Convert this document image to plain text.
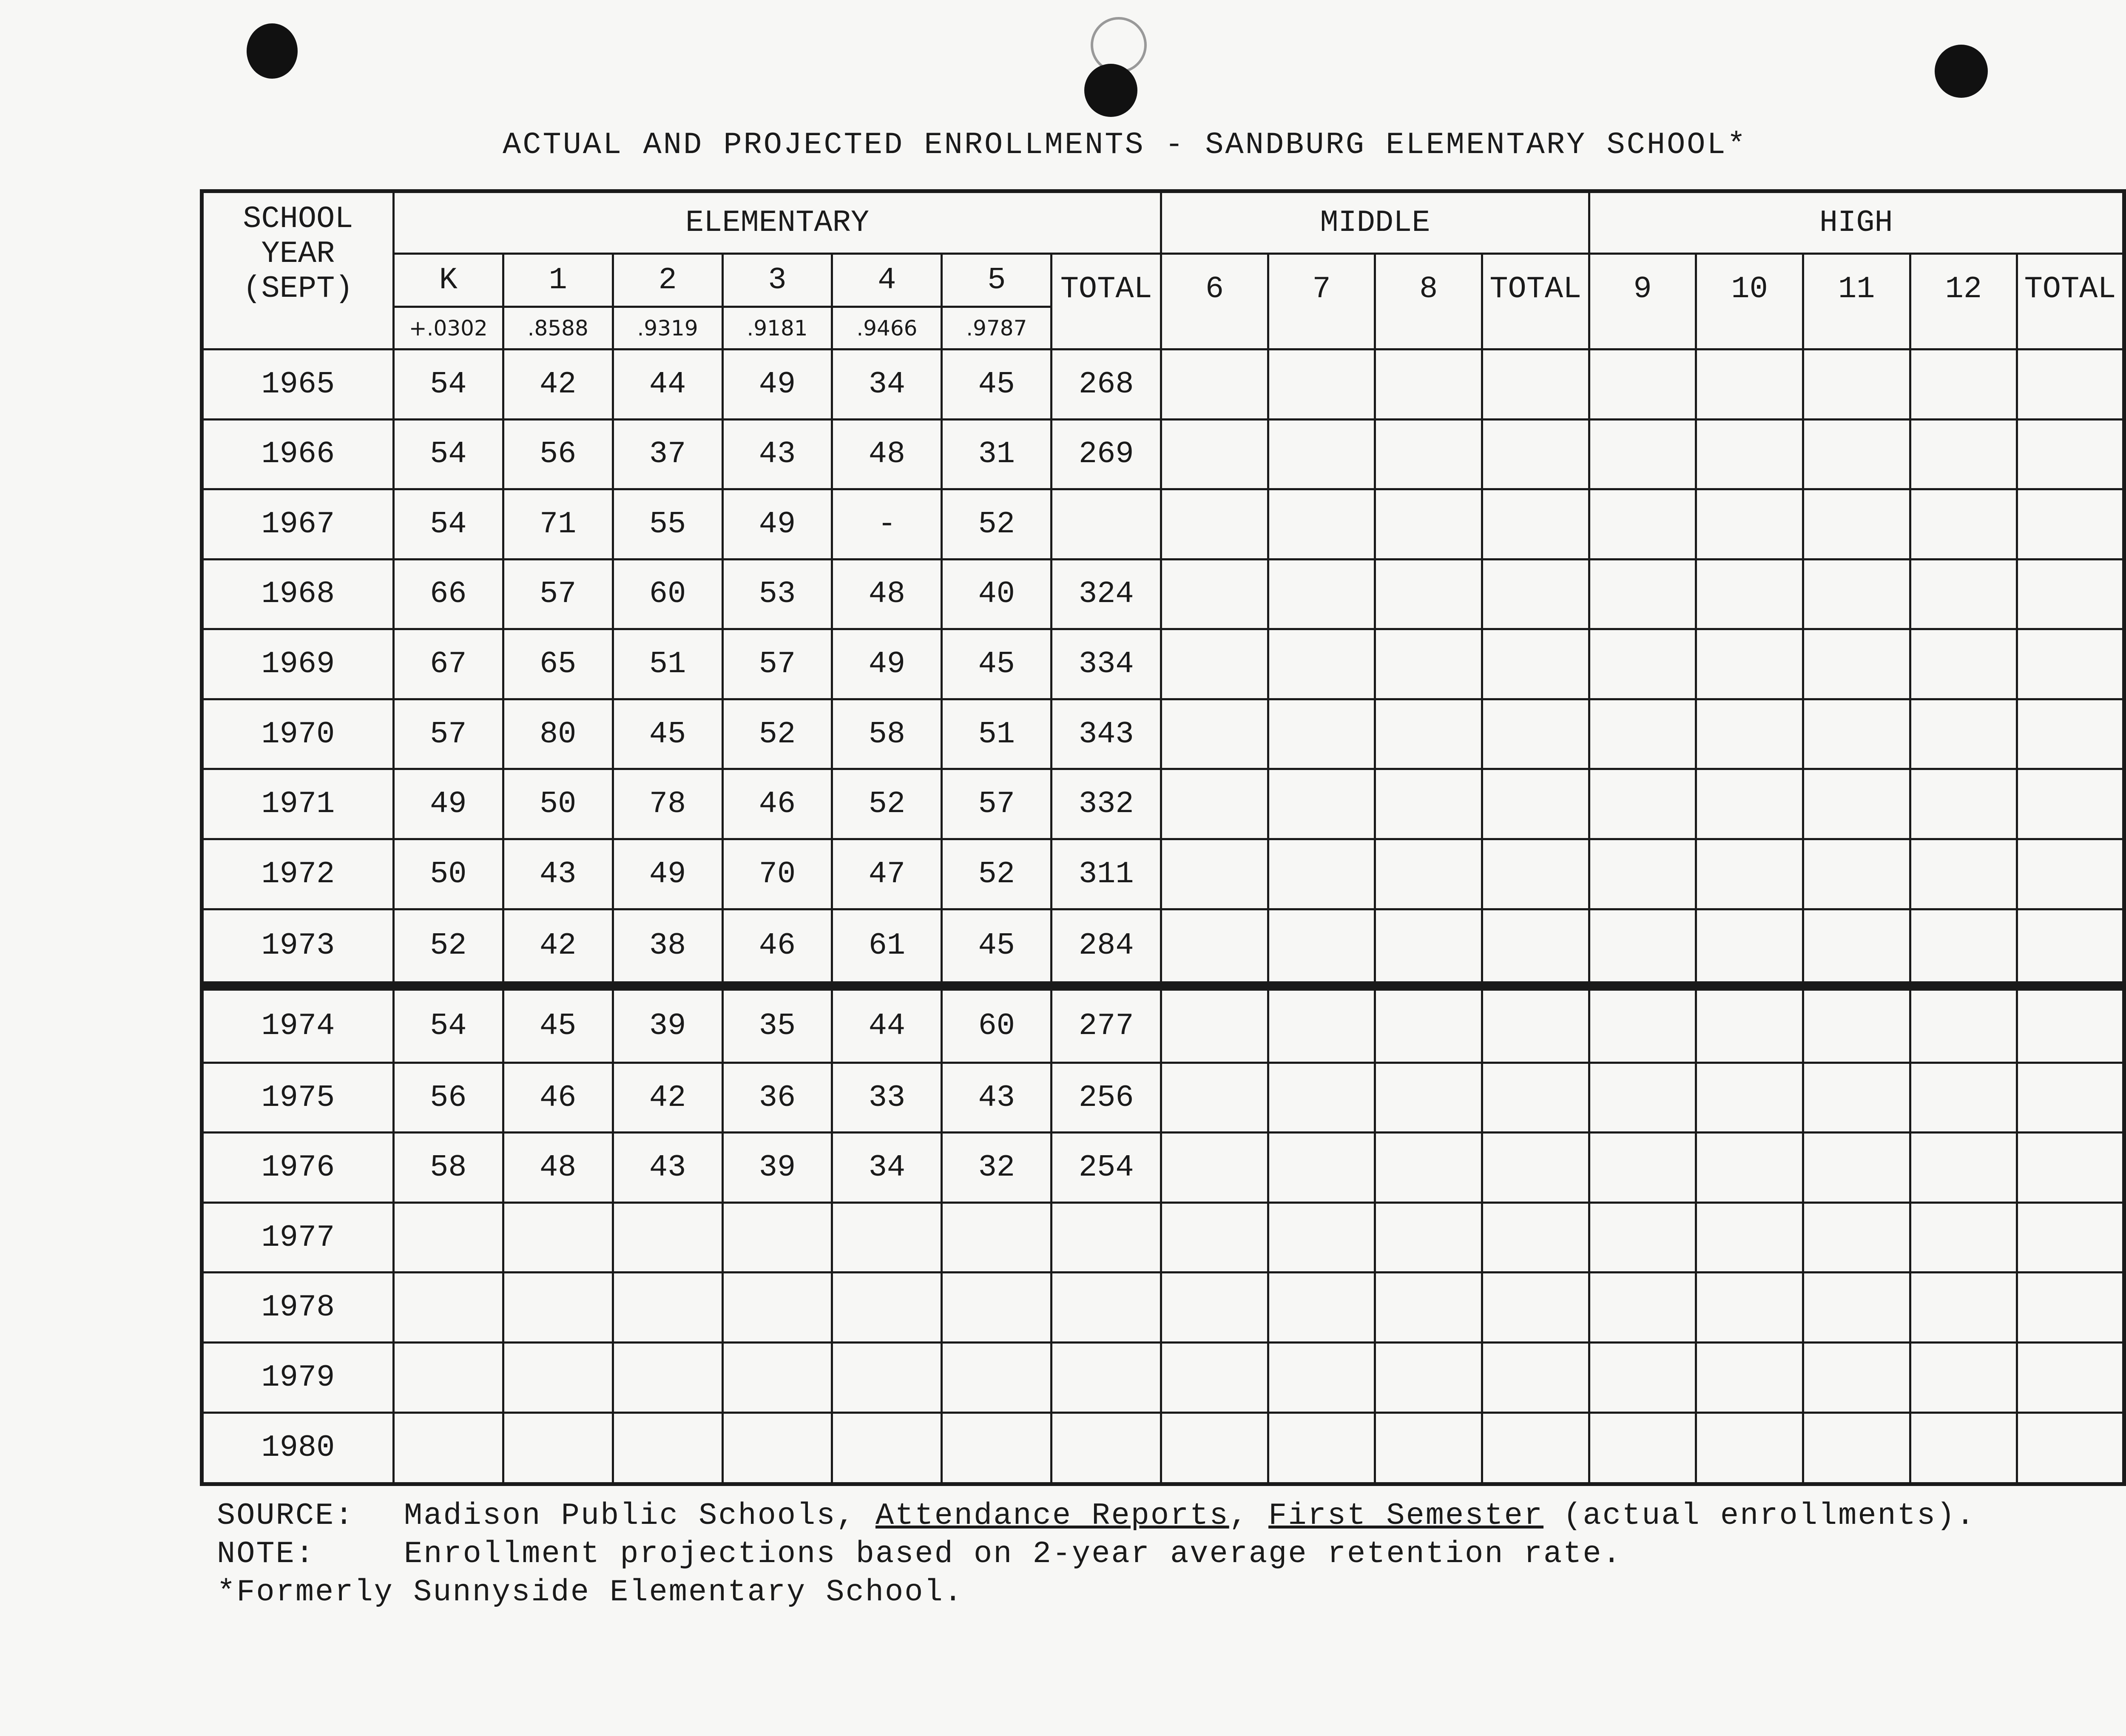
ACTUAL AND PROJECTED ENROLLMENTS - SANDBURG ELEMENTARY SCHOOL*
SCHOOL YEAR (SEPT)	ELEMENTARY							MIDDLE				HIGH				
	K	1	2	3	4	5	TOTAL	6	7	8	TOTAL	9	10	11	12	TOTAL
	+.0302	.8588	.9319	.9181	.9466	.9787										
1965	54	42	44	49	34	45	268									
1966	54	56	37	43	48	31	269									
1967	54	71	55	49	-	52										
1968	66	57	60	53	48	40	324									
1969	67	65	51	57	49	45	334									
1970	57	80	45	52	58	51	343									
1971	49	50	78	46	52	57	332									
1972	50	43	49	70	47	52	311									
1973	52	42	38	46	61	45	284									
1974	54	45	39	35	44	60	277									
1975	56	46	42	36	33	43	256									
1976	58	48	43	39	34	32	254									
1977																
1978																
1979																
1980																
SOURCE: Madison Public Schools, Attendance Reports, First Semester (actual enrollments).
NOTE:	Enrollment projections based on 2-year average retention rate.
*Formerly Sunnyside Elementary School.
